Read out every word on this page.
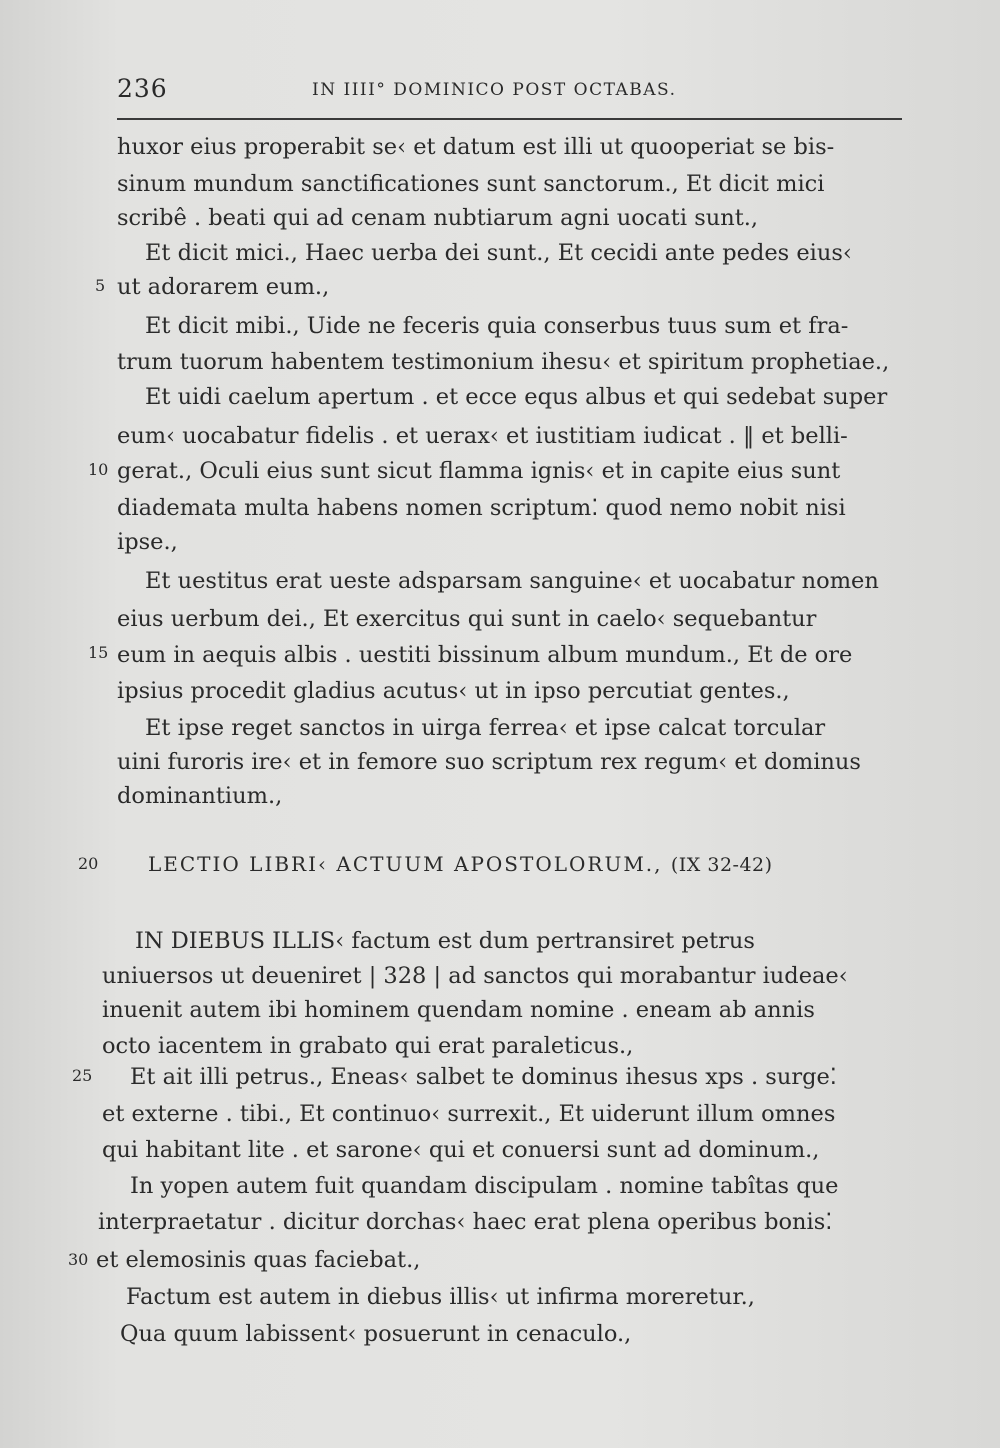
236	IN IIII° DOMINICO POST OCTABAS.
huxor eius properabit se‹ et datum est illi ut quooperiat se bis-
sinum mundum sanctificationes sunt sanctorum., Et dicit mici
scribê . beati qui ad cenam nubtiarum agni uocati sunt.,
Et dicit mici., Haec uerba dei sunt., Et cecidi ante pedes eius‹
5 ut adorarem eum.,
Et dicit mibi., Uide ne feceris quia conserbus tuus sum et fra-
trum tuorum habentem testimonium ihesu‹ et spiritum prophetiae.,
Et uidi caelum apertum . et ecce equs albus et qui sedebat super
eum‹ uocabatur fidelis . et uerax‹ et iustitiam iudicat . ‖ et belli-
10 gerat., Oculi eius sunt sicut flamma ignis‹ et in capite eius sunt
diademata multa habens nomen scriptum⁚ quod nemo nobit nisi
ipse.,
Et uestitus erat ueste adsparsam sanguine‹ et uocabatur nomen
eius uerbum dei., Et exercitus qui sunt in caelo‹ sequebantur
15 eum in aequis albis . uestiti bissinum album mundum., Et de ore
ipsius procedit gladius acutus‹ ut in ipso percutiat gentes.,
Et ipse reget sanctos in uirga ferrea‹ et ipse calcat torcular
uini furoris ire‹ et in femore suo scriptum rex regum‹ et dominus
dominantium.,
20 LECTIO LIBRI‹ ACTUUM APOSTOLORUM., (IX 32-42)
IN DIEBUS ILLIS‹ factum est dum pertransiret petrus
uniuersos ut deueniret | 328 | ad sanctos qui morabantur iudeae‹
inuenit autem ibi hominem quendam nomine . eneam ab annis
octo iacentem in grabato qui erat paraleticus.,
25 Et ait illi petrus., Eneas‹ salbet te dominus ihesus xps . surge⁚
et externe . tibi., Et continuo‹ surrexit., Et uiderunt illum omnes
qui habitant lite . et sarone‹ qui et conuersi sunt ad dominum.,
In yopen autem fuit quandam discipulam . nomine tabîtas que
interpraetatur . dicitur dorchas‹ haec erat plena operibus bonis⁚
30 et elemosinis quas faciebat.,
Factum est autem in diebus illis‹ ut infirma moreretur.,
Qua quum labissent‹ posuerunt in cenaculo.,
